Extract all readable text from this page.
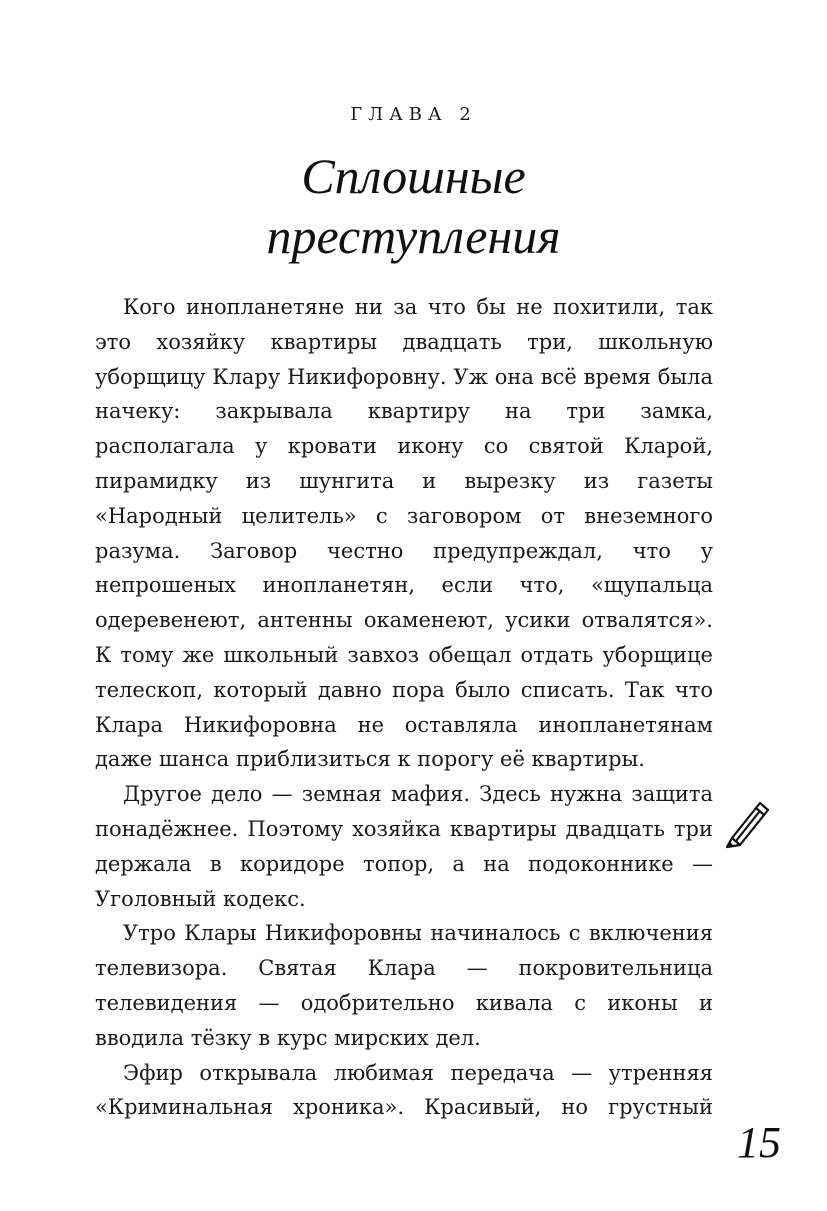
ГЛАВА 2
Сплошные
преступления

Кого инопланетяне ни за что бы не похитили, так это хозяйку квартиры двадцать три, школьную уборщицу Клару Никифоровну. Уж она всё время была начеку: закрывала квартиру на три замка, располагала у кровати икону со святой Кларой, пирамидку из шунгита и вырезку из газеты «Народный целитель» с заговором от внеземного разума. Заговор честно предупреждал, что у непрошеных инопланетян, если что, «щупальца одеревенеют, антенны окаменеют, усики отвалятся». К тому же школьный завхоз обещал отдать уборщице телескоп, который давно пора было списать. Так что Клара Никифоровна не оставляла инопланетянам даже шанса приблизиться к порогу её квартиры.

Другое дело — земная мафия. Здесь нужна защита понадёжнее. Поэтому хозяйка квартиры двадцать три держала в коридоре топор, а на подоконнике — Уголовный кодекс.

Утро Клары Никифоровны начиналось с включения телевизора. Святая Клара — покровительница телевидения — одобрительно кивала с иконы и вводила тёзку в курс мирских дел.

Эфир открывала любимая передача — утренняя «Криминальная хроника». Красивый, но грустный

15
